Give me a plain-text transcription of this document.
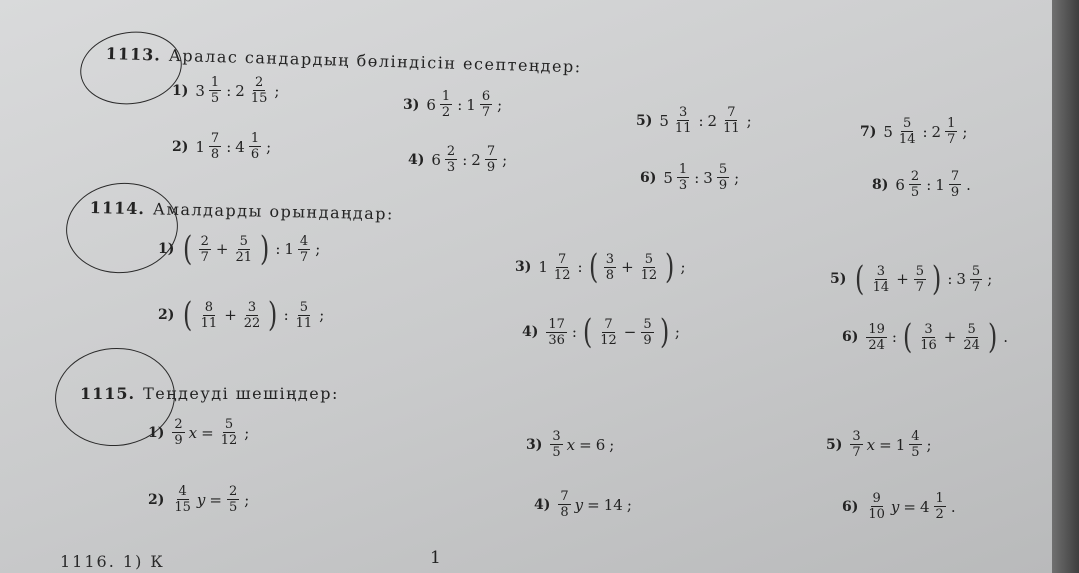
1113. Аралас сандардың бөліндісін есептеңдер:
1) $3 \frac{1}{5}$ : $2 \frac{2}{15}$ ;
2) $1 \frac{7}{8}$ : $4 \frac{1}{6}$ ;
3) $6 \frac{1}{2}$ : $1 \frac{6}{7}$ ;
4) $6 \frac{2}{3}$ : $2 \frac{7}{9}$ ;
5) $5 \frac{3}{11}$ : $2 \frac{7}{11}$ ;
6) $5 \frac{1}{3}$ : $3 \frac{5}{9}$ ;
7) $5 \frac{5}{14}$ : $2 \frac{1}{7}$ ;
8) $6 \frac{2}{5}$ : $1 \frac{7}{9}$ .
1114. Амалдарды орындаңдар:
1) ( $\frac{2}{7} + \frac{5}{21}$ ) : $1 \frac{4}{7}$ ;
2) ( $\frac{8}{11} + \frac{3}{22}$ ) : $\frac{5}{11}$ ;
3) $1 \frac{7}{12}$ : ( $\frac{3}{8} + \frac{5}{12}$ ) ;
$4) \frac{17}{36}$ : ( $\frac{7}{12} - \frac{5}{9}$ ) ;
5) ( $\frac{3}{14} + \frac{5}{7}$ ) : $3 \frac{5}{7}$ ;
$6) \frac{19}{24}$ : ( $\frac{3}{16} + \frac{5}{24}$ ) .
1115. Теңдеуді шешіңдер:
$1) \frac{2}{9}$ $x = \frac{5}{12}$ ;
$2) \frac{4}{15}$ $y = \frac{2}{5}$ ;
$3) \frac{3}{5}$ x = 6 ;
$4) \frac{7}{8}$ y = 14 ;
$5) \frac{3}{7}$ $x = 1 \frac{4}{5}$ ;
$6) \frac{9}{10}$ $y = 4 \frac{1}{2}$ .
1116. 1) К	1
